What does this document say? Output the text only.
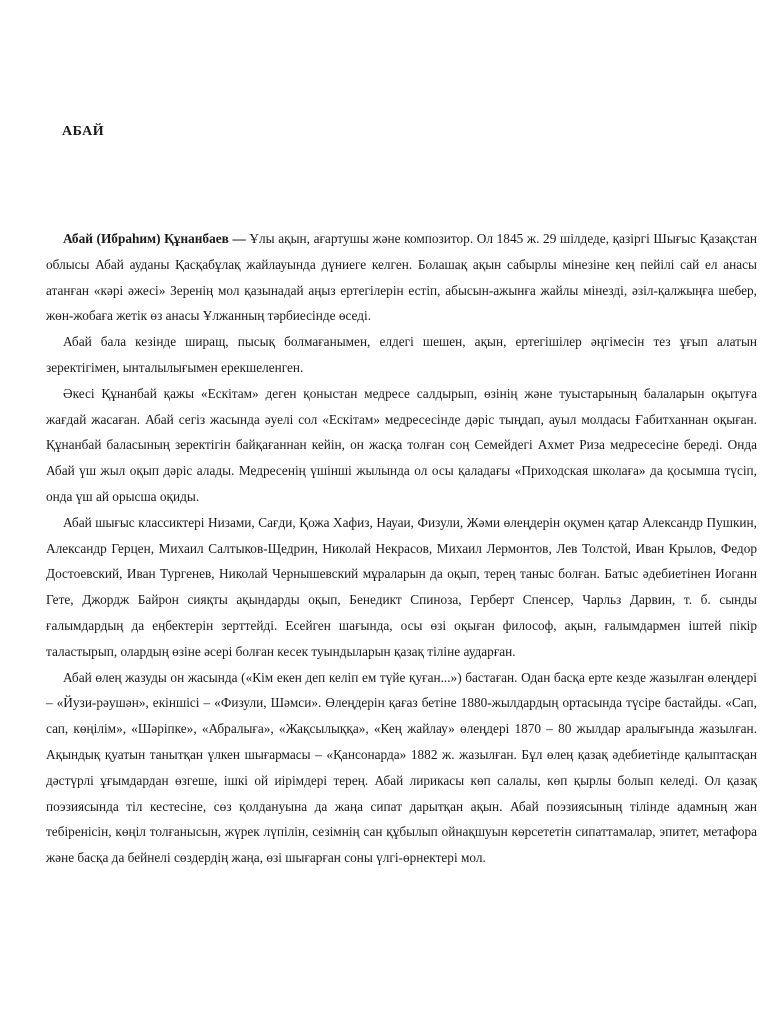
АБАЙ

Абай (Ибраһим) Құнанбаев — Ұлы ақын, ағартушы және композитор. Ол 1845 ж. 29 шілдеде, қазіргі Шығыс Қазақстан облысы Абай ауданы Қасқабұлақ жайлауында дүниеге келген. Болашақ ақын сабырлы мінезіне кең пейілі сай ел анасы атанған «кәрі әжесі» Зеренің мол қазынадай аңыз ертегілерін естіп, абысын-ажынға жайлы мінезді, әзіл-қалжыңға шебер, жөн-жобаға жетік өз анасы Ұлжанның тәрбиесінде өседі.

Абай бала кезінде ширащ, пысық болмағанымен, елдегі шешен, ақын, ертегішілер әңгімесін тез ұғып алатын зеректігімен, ынталылығымен ерекшеленген.

Әкесі Құнанбай қажы «Ескітам» деген қоныстан медресе салдырып, өзінің және туыстарының балаларын оқытуға жағдай жасаған. Абай сегіз жасында әуелі сол «Ескітам» медресесінде дәріс тыңдап, ауыл молдасы Ғабитханнан оқыған. Құнанбай баласының зеректігін байқағаннан кейін, он жасқа толған соң Семейдегі Ахмет Риза медресесіне береді. Онда Абай үш жыл оқып дәріс алады. Медресенің үшінші жылында ол осы қаладағы «Приходская школаға» да қосымша түсіп, онда үш ай орысша оқиды.

Абай шығыс классиктері Низами, Сағди, Қожа Хафиз, Науаи, Физули, Жәми өлеңдерін оқумен қатар Александр Пушкин, Александр Герцен, Михаил Салтыков-Щедрин, Николай Некрасов, Михаил Лермонтов, Лев Толстой, Иван Крылов, Федор Достоевский, Иван Тургенев, Николай Чернышевский мұраларын да оқып, терең таныс болған. Батыс әдебиетінен Иоганн Гете, Джордж Байрон сияқты ақындарды оқып, Бенедикт Спиноза, Герберт Спенсер, Чарльз Дарвин, т. б. сынды ғалымдардың да еңбектерін зерттейді. Есейген шағында, осы өзі оқыған философ, ақын, ғалымдармен іштей пікір таластырып, олардың өзіне әсері болған кесек туындыларын қазақ тіліне аударған.

Абай өлең жазуды он жасында («Кім екен деп келіп ем түйе қуған...») бастаған. Одан басқа ерте кезде жазылған өлеңдері – «Йузи-рәушән», екіншісі – «Физули, Шәмси». Өлеңдерін қағаз бетіне 1880-жылдардың ортасында түсіре бастайды. «Сап, сап, көңілім», «Шәріпке», «Абралыға», «Жақсылыққа», «Кең жайлау» өлеңдері 1870 – 80 жылдар аралығында жазылған. Ақындық қуатын танытқан үлкен шығармасы – «Қансонарда» 1882 ж. жазылған. Бұл өлең қазақ әдебиетінде қалыптасқан дәстүрлі ұғымдардан өзгеше, ішкі ой иірімдері терең. Абай лирикасы көп салалы, көп қырлы болып келеді. Ол қазақ поэзиясында тіл кестесіне, сөз қолдануына да жаңа сипат дарытқан ақын. Абай поэзиясының тілінде адамның жан тебіренісін, көңіл толғанысын, жүрек лүпілін, сезімнің сан құбылып ойнақшуын көрсететін сипаттамалар, эпитет, метафора және басқа да бейнелі сөздердің жаңа, өзі шығарған соны үлгі-өрнектері мол.
